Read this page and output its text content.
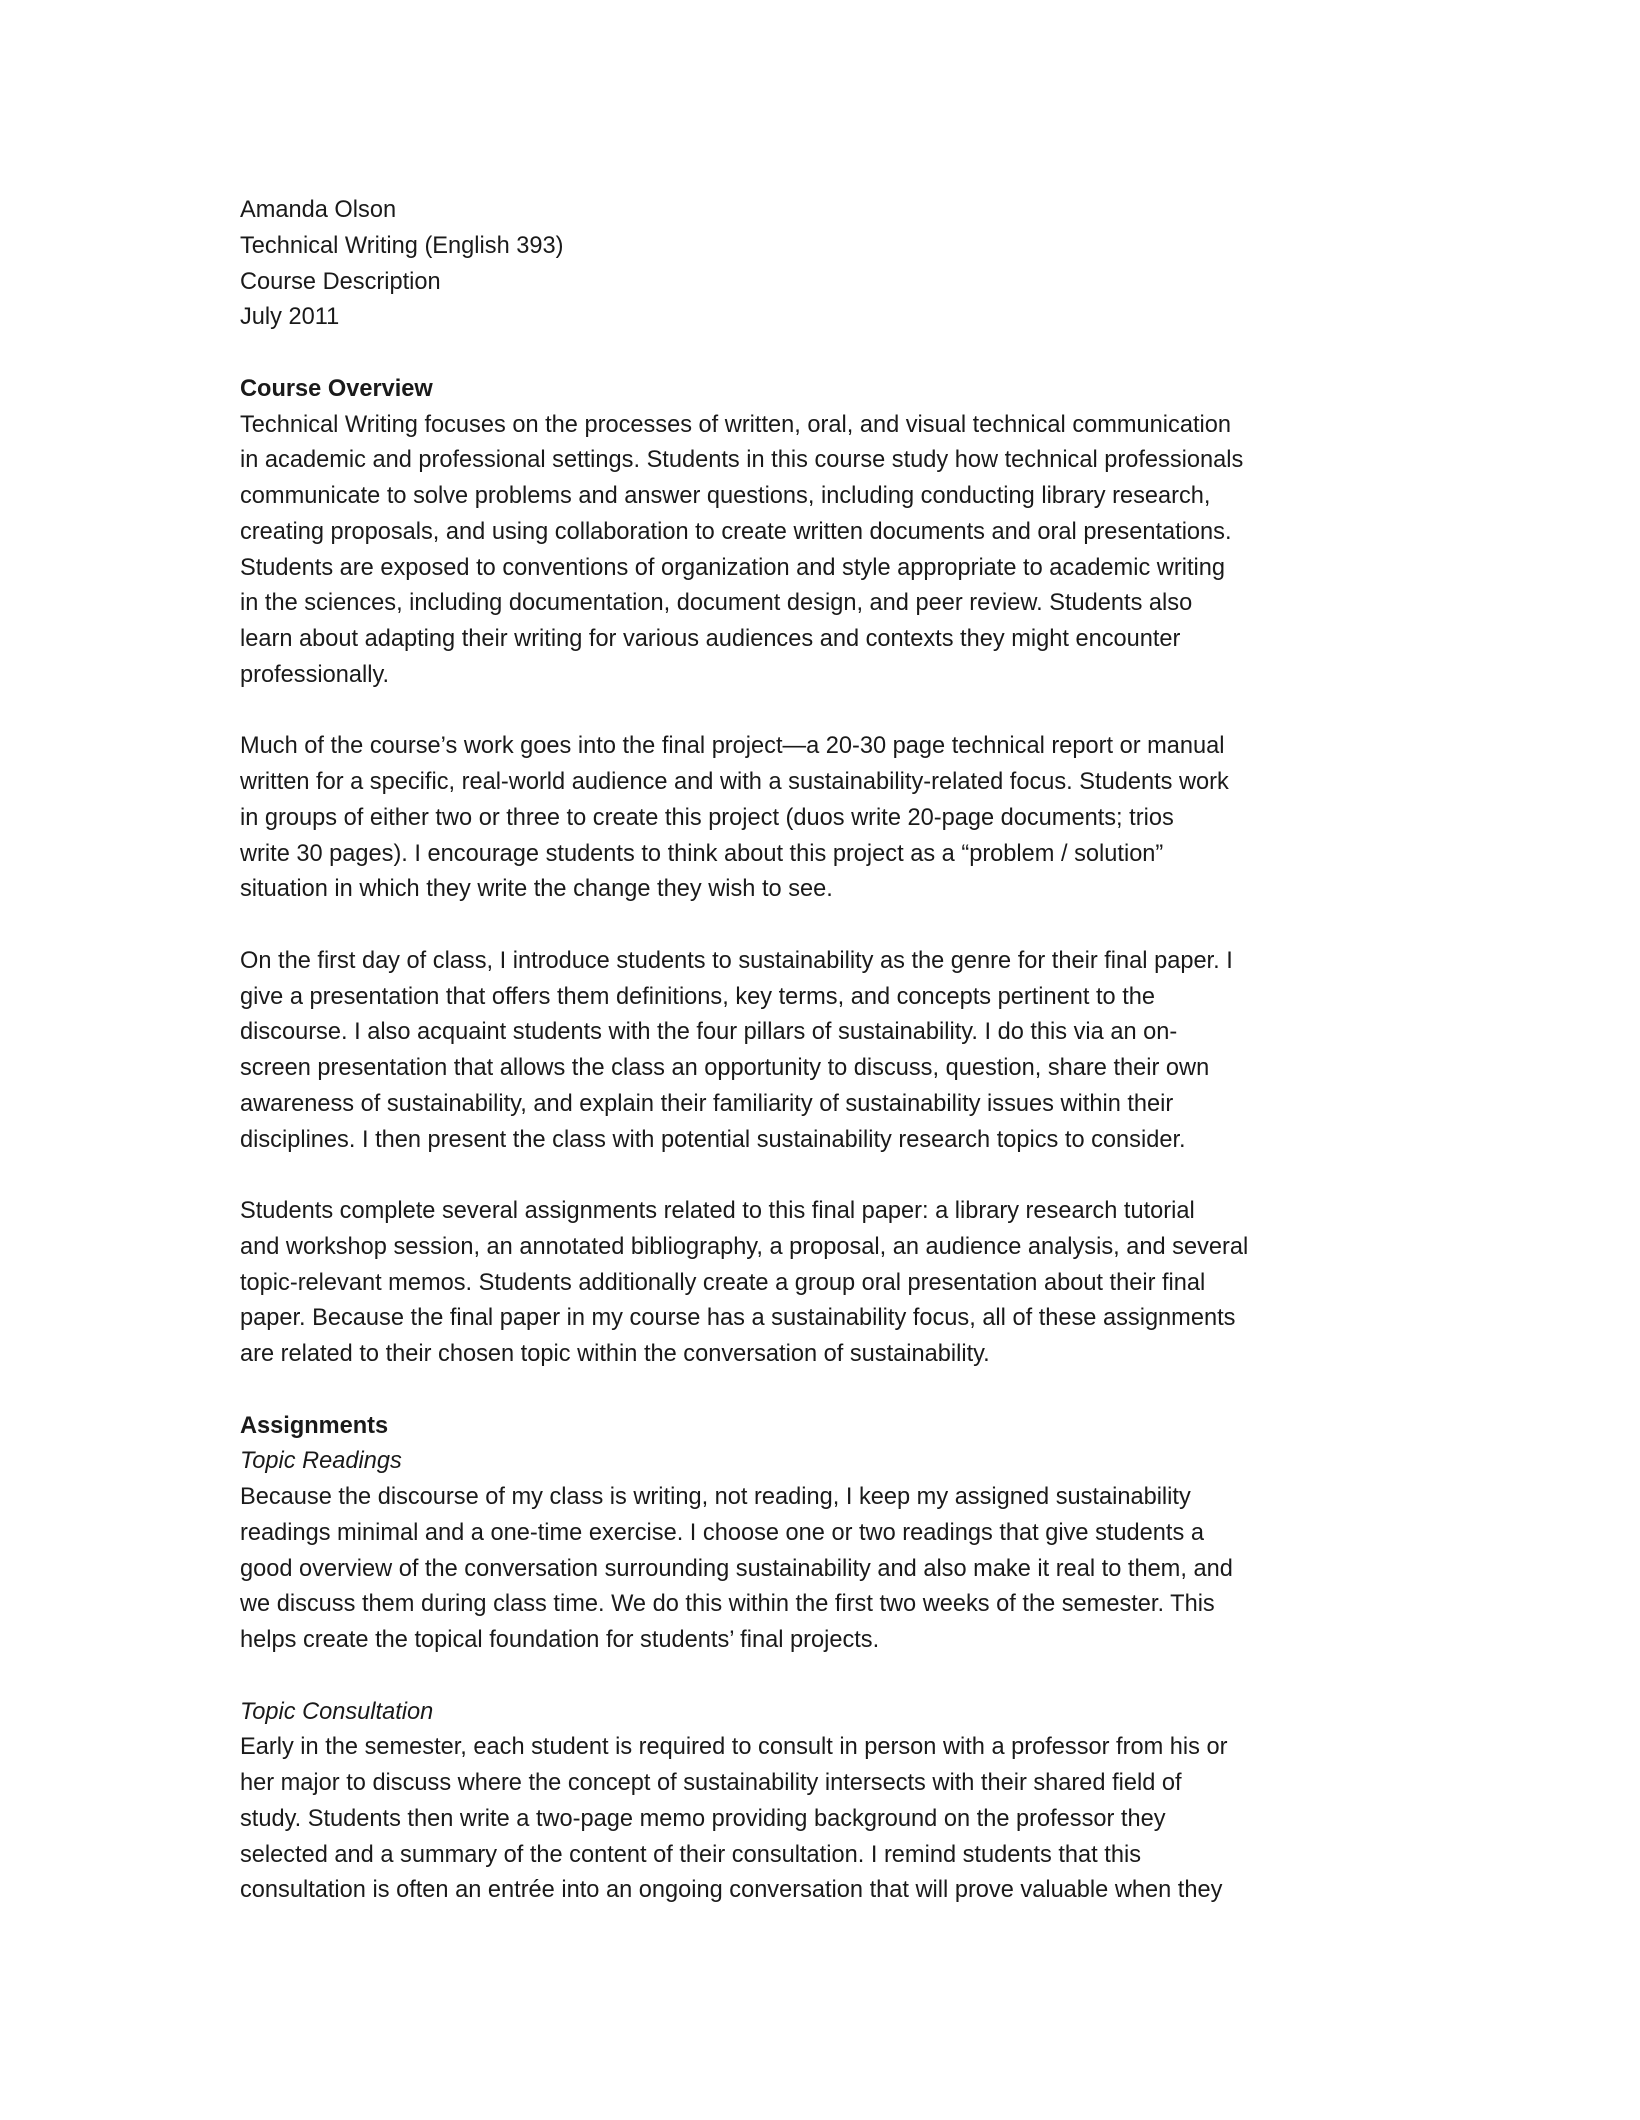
Amanda Olson
Technical Writing (English 393)
Course Description
July 2011
Course Overview

Technical Writing focuses on the processes of written, oral, and visual technical communication
in academic and professional settings. Students in this course study how technical professionals
communicate to solve problems and answer questions, including conducting library research,
creating proposals, and using collaboration to create written documents and oral presentations.
Students are exposed to conventions of organization and style appropriate to academic writing
in the sciences, including documentation, document design, and peer review. Students also
learn about adapting their writing for various audiences and contexts they might encounter
professionally.

Much of the course’s work goes into the final project—a 20-30 page technical report or manual
written for a specific, real-world audience and with a sustainability-related focus. Students work
in groups of either two or three to create this project (duos write 20-page documents; trios
write 30 pages). I encourage students to think about this project as a “problem / solution”
situation in which they write the change they wish to see.

On the first day of class, I introduce students to sustainability as the genre for their final paper. I
give a presentation that offers them definitions, key terms, and concepts pertinent to the
discourse. I also acquaint students with the four pillars of sustainability. I do this via an on-
screen presentation that allows the class an opportunity to discuss, question, share their own
awareness of sustainability, and explain their familiarity of sustainability issues within their
disciplines. I then present the class with potential sustainability research topics to consider.

Students complete several assignments related to this final paper: a library research tutorial
and workshop session, an annotated bibliography, a proposal, an audience analysis, and several
topic-relevant memos. Students additionally create a group oral presentation about their final
paper. Because the final paper in my course has a sustainability focus, all of these assignments
are related to their chosen topic within the conversation of sustainability.

Assignments
Topic Readings

Because the discourse of my class is writing, not reading, I keep my assigned sustainability
readings minimal and a one-time exercise. I choose one or two readings that give students a
good overview of the conversation surrounding sustainability and also make it real to them, and
we discuss them during class time. We do this within the first two weeks of the semester. This
helps create the topical foundation for students’ final projects.

Topic Consultation

Early in the semester, each student is required to consult in person with a professor from his or
her major to discuss where the concept of sustainability intersects with their shared field of
study. Students then write a two-page memo providing background on the professor they
selected and a summary of the content of their consultation. I remind students that this
consultation is often an entrée into an ongoing conversation that will prove valuable when they
